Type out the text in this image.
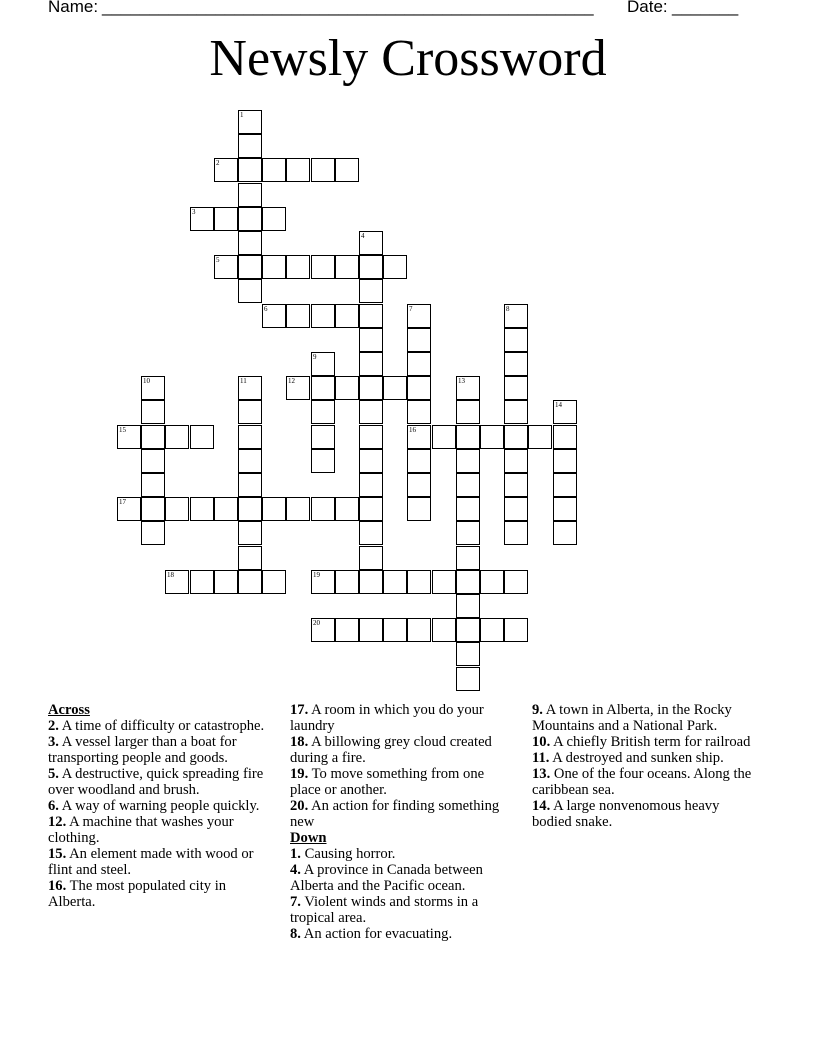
Name: ____________________________________________________ Date: _______
Newsly Crossword
1
2
3
4
5
6	7
16
8
9
10	11	12	13
14
15
17
18	19
20
Across

2. A time of difficulty or catastrophe.

3. A vessel larger than a boat for transporting people and goods.

5. A destructive, quick spreading fire over woodland and brush.

6. A way of warning people quickly.

12. A machine that washes your clothing.

15. An element made with wood or flint and steel.

16. The most populated city in Alberta.

17. A room in which you do your laundry

18. A billowing grey cloud created during a fire.

19. To move something from one place or another.

20. An action for finding something new

Down

1. Causing horror.

4. A province in Canada between Alberta and the Pacific ocean.

7. Violent winds and storms in a tropical area.

8. An action for evacuating.

9. A town in Alberta, in the Rocky Mountains and a National Park.

10. A chiefly British term for railroad

11. A destroyed and sunken ship.

13. One of the four oceans. Along the caribbean sea.

14. A large nonvenomous heavy bodied snake.
